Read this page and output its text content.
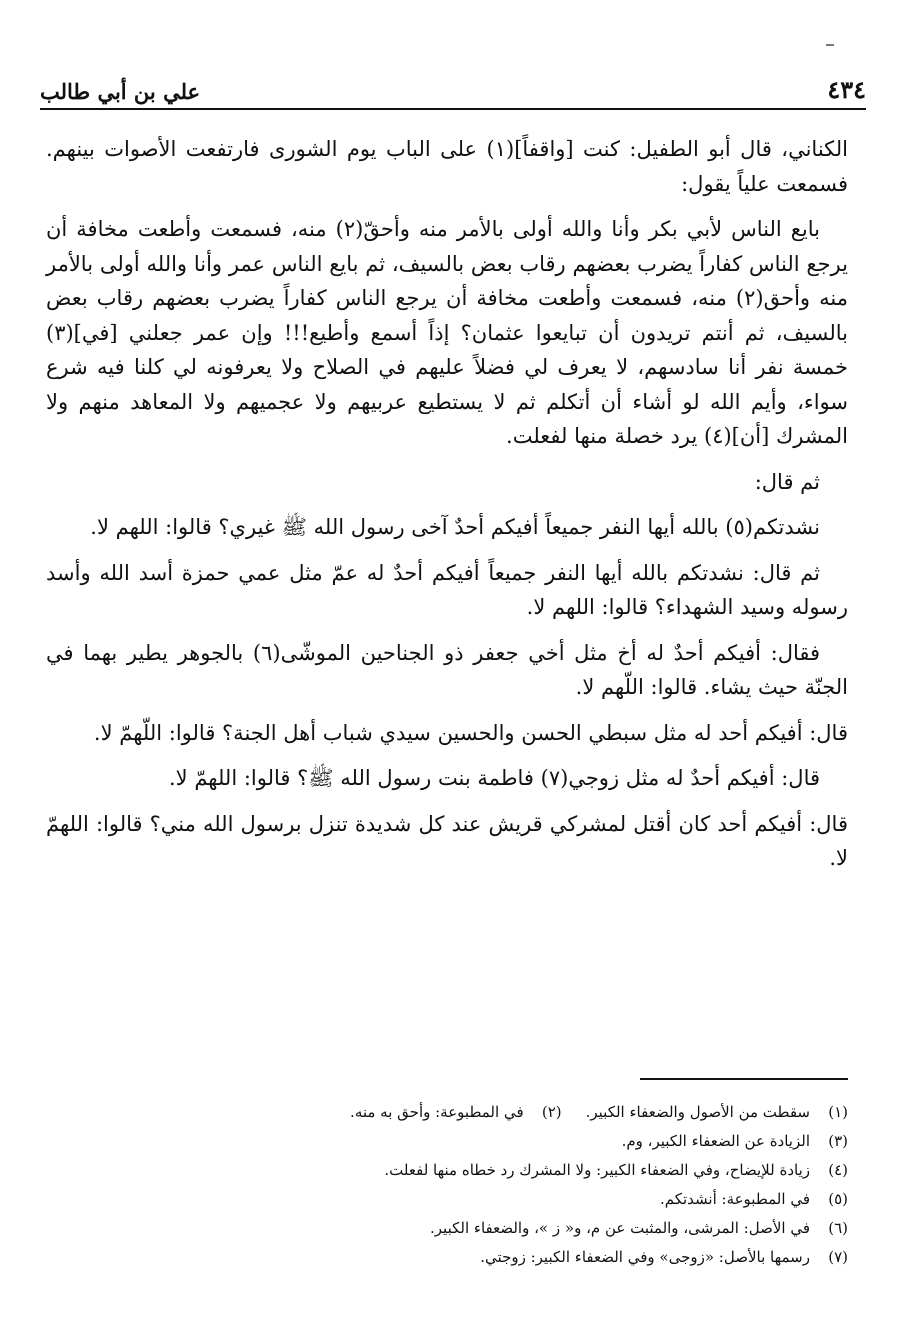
٤٣٤
علي بن أبي طالب

الكناني، قال أبو الطفيل: كنت [واقفاً](١) على الباب يوم الشورى فارتفعت الأصوات بينهم. فسمعت علياً يقول:

بايع الناس لأبي بكر وأنا والله أولى بالأمر منه وأحقّ(٢) منه، فسمعت وأطعت مخافة أن يرجع الناس كفاراً يضرب بعضهم رقاب بعض بالسيف، ثم بايع الناس عمر وأنا والله أولى بالأمر منه وأحق(٢) منه، فسمعت وأطعت مخافة أن يرجع الناس كفاراً يضرب بعضهم رقاب بعض بالسيف، ثم أنتم تريدون أن تبايعوا عثمان؟ إذاً أسمع وأطيع!!! وإن عمر جعلني [في](٣) خمسة نفر أنا سادسهم، لا يعرف لي فضلاً عليهم في الصلاح ولا يعرفونه لي كلنا فيه شرع سواء، وأيم الله لو أشاء أن أتكلم ثم لا يستطيع عربيهم ولا عجميهم ولا المعاهد منهم ولا المشرك [أن](٤) يرد خصلة منها لفعلت.

ثم قال:

نشدتكم(٥) بالله أيها النفر جميعاً أفيكم أحدٌ آخى رسول الله ﷺ غيري؟ قالوا: اللهم لا.

ثم قال: نشدتكم بالله أيها النفر جميعاً أفيكم أحدٌ له عمّ مثل عمي حمزة أسد الله وأسد رسوله وسيد الشهداء؟ قالوا: اللهم لا.

فقال: أفيكم أحدٌ له أخ مثل أخي جعفر ذو الجناحين الموشّى(٦) بالجوهر يطير بهما في الجنّة حيث يشاء. قالوا: اللّهم لا.

قال: أفيكم أحد له مثل سبطي الحسن والحسين سيدي شباب أهل الجنة؟ قالوا: اللّهمّ لا.

قال: أفيكم أحدٌ له مثل زوجي(٧) فاطمة بنت رسول الله ﷺ؟ قالوا: اللهمّ لا.

قال: أفيكم أحد كان أقتل لمشركي قريش عند كل شديدة تنزل برسول الله مني؟ قالوا: اللهمّ لا.

(١)
سقطت من الأصول والضعفاء الكبير.
(٢)
في المطبوعة: وأحق به منه.
(٣)
الزيادة عن الضعفاء الكبير، وم.
(٤)
زيادة للإيضاح، وفي الضعفاء الكبير: ولا المشرك رد خطاه منها لفعلت.
(٥)
في المطبوعة: أنشدتكم.
(٦)
في الأصل: المرشى، والمثبت عن م، و« ز »، والضعفاء الكبير.
(٧)
رسمها بالأصل: «زوجى» وفي الضعفاء الكبير: زوجتي.
